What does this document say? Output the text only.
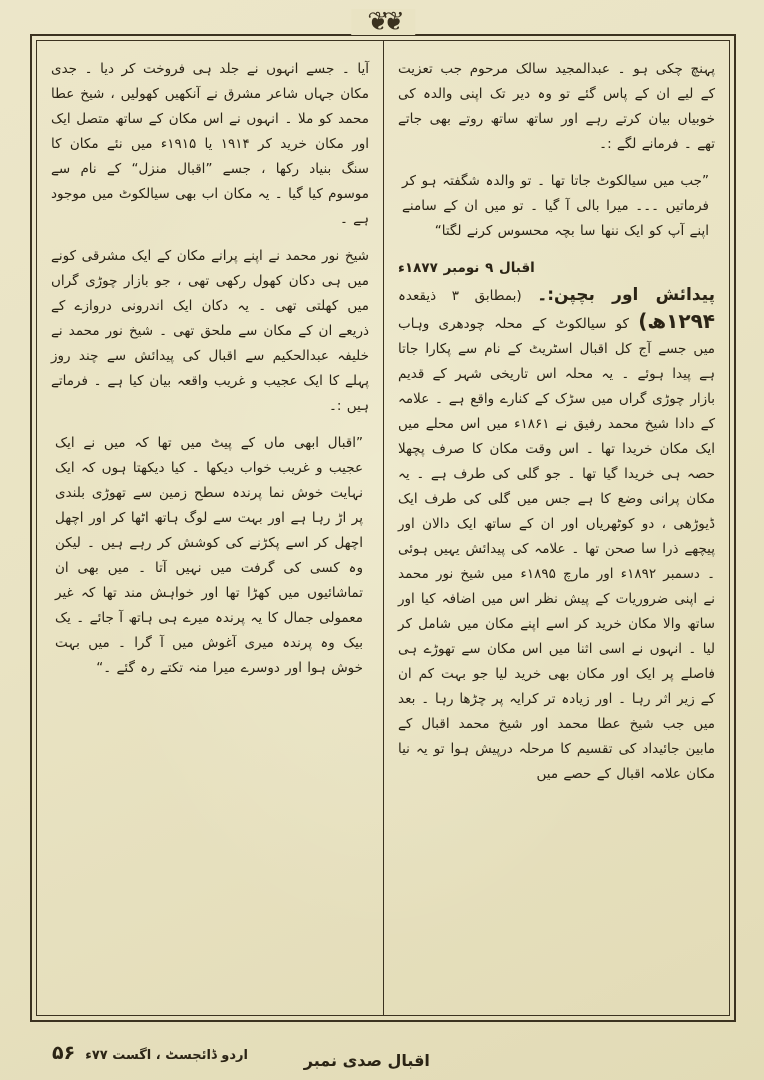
❦❦

پہنچ چکی ہو ۔ عبدالمجید سالک مرحوم جب تعزیت کے لیے ان کے پاس گئے تو وہ دیر تک اپنی والدہ کی خوبیاں بیان کرتے رہے اور ساتھ ساتھ روتے بھی جاتے تھے ۔ فرمانے لگے :۔

”جب میں سیالکوٹ جاتا تھا ۔ تو والدہ شگفتہ ہو کر فرماتیں ۔۔۔ میرا بالی آ گیا ۔ تو میں ان کے سامنے اپنے آپ کو ایک ننھا سا بچہ محسوس کرنے لگتا“

اقبال ۹ نومبر ۱۸۷۷ء
پیدائش اور بچپن:۔ (بمطابق ۳ ذیقعدہ ۱۲۹۴ھ) کو سیالکوٹ کے محلہ چودھری وہاب میں جسے آج کل اقبال اسٹریٹ کے نام سے پکارا جاتا ہے پیدا ہوئے ۔ یہ محلہ اس تاریخی شہر کے قدیم بازار چوڑی گراں میں سڑک کے کنارے واقع ہے ۔ علامہ کے دادا شیخ محمد رفیق نے ۱۸۶۱ء میں اس محلے میں ایک مکان خریدا تھا ۔ اس وقت مکان کا صرف پچھلا حصہ ہی خریدا گیا تھا ۔ جو گلی کی طرف ہے ۔ یہ مکان پرانی وضع کا ہے جس میں گلی کی طرف ایک ڈیوڑھی ، دو کوٹھریاں اور ان کے ساتھ ایک دالان اور پیچھے ذرا سا صحن تھا ۔ علامہ کی پیدائش یہیں ہوئی ۔ دسمبر ۱۸۹۲ء اور مارچ ۱۸۹۵ء میں شیخ نور محمد نے اپنی ضروریات کے پیش نظر اس میں اضافہ کیا اور ساتھ والا مکان خرید کر اسے اپنے مکان میں شامل کر لیا ۔ انہوں نے اسی اثنا میں اس مکان سے تھوڑے ہی فاصلے پر ایک اور مکان بھی خرید لیا جو بہت کم ان کے زیر اثر رہا ۔ اور زیادہ تر کرایہ پر چڑھا رہا ۔ بعد میں جب شیخ عطا محمد اور شیخ محمد اقبال کے مابین جائیداد کی تقسیم کا مرحلہ درپیش ہوا تو یہ نیا مکان علامہ اقبال کے حصے میں

آیا ۔ جسے انہوں نے جلد ہی فروخت کر دیا ۔ جدی مکان جہاں شاعر مشرق نے آنکھیں کھولیں ، شیخ عطا محمد کو ملا ۔ انہوں نے اس مکان کے ساتھ متصل ایک اور مکان خرید کر ۱۹۱۴ یا ۱۹۱۵ء میں نئے مکان کا سنگ بنیاد رکھا ، جسے ”اقبال منزل“ کے نام سے موسوم کیا گیا ۔ یہ مکان اب بھی سیالکوٹ میں موجود ہے ۔

شیخ نور محمد نے اپنے پرانے مکان کے ایک مشرقی کونے میں ہی دکان کھول رکھی تھی ، جو بازار چوڑی گراں میں کھلتی تھی ۔ یہ دکان ایک اندرونی دروازے کے ذریعے ان کے مکان سے ملحق تھی ۔ شیخ نور محمد نے خلیفہ عبدالحکیم سے اقبال کی پیدائش سے چند روز پہلے کا ایک عجیب و غریب واقعہ بیان کیا ہے ۔ فرماتے ہیں :۔

”اقبال ابھی ماں کے پیٹ میں تھا کہ میں نے ایک عجیب و غریب خواب دیکھا ۔ کیا دیکھتا ہوں کہ ایک نہایت خوش نما پرندہ سطح زمین سے تھوڑی بلندی پر اڑ رہا ہے اور بہت سے لوگ ہاتھ اٹھا کر اور اچھل اچھل کر اسے پکڑنے کی کوشش کر رہے ہیں ۔ لیکن وہ کسی کی گرفت میں نہیں آتا ۔ میں بھی ان تماشائیوں میں کھڑا تھا اور خواہش مند تھا کہ غیر معمولی جمال کا یہ پرندہ میرے ہی ہاتھ آ جائے ۔ یک بیک وہ پرندہ میری آغوش میں آ گرا ۔ میں بہت خوش ہوا اور دوسرے میرا منہ تکتے رہ گئے ۔“

۵۶ اردو ڈائجسٹ ، اگست ۷۷ء	اقبال صدی نمبر
